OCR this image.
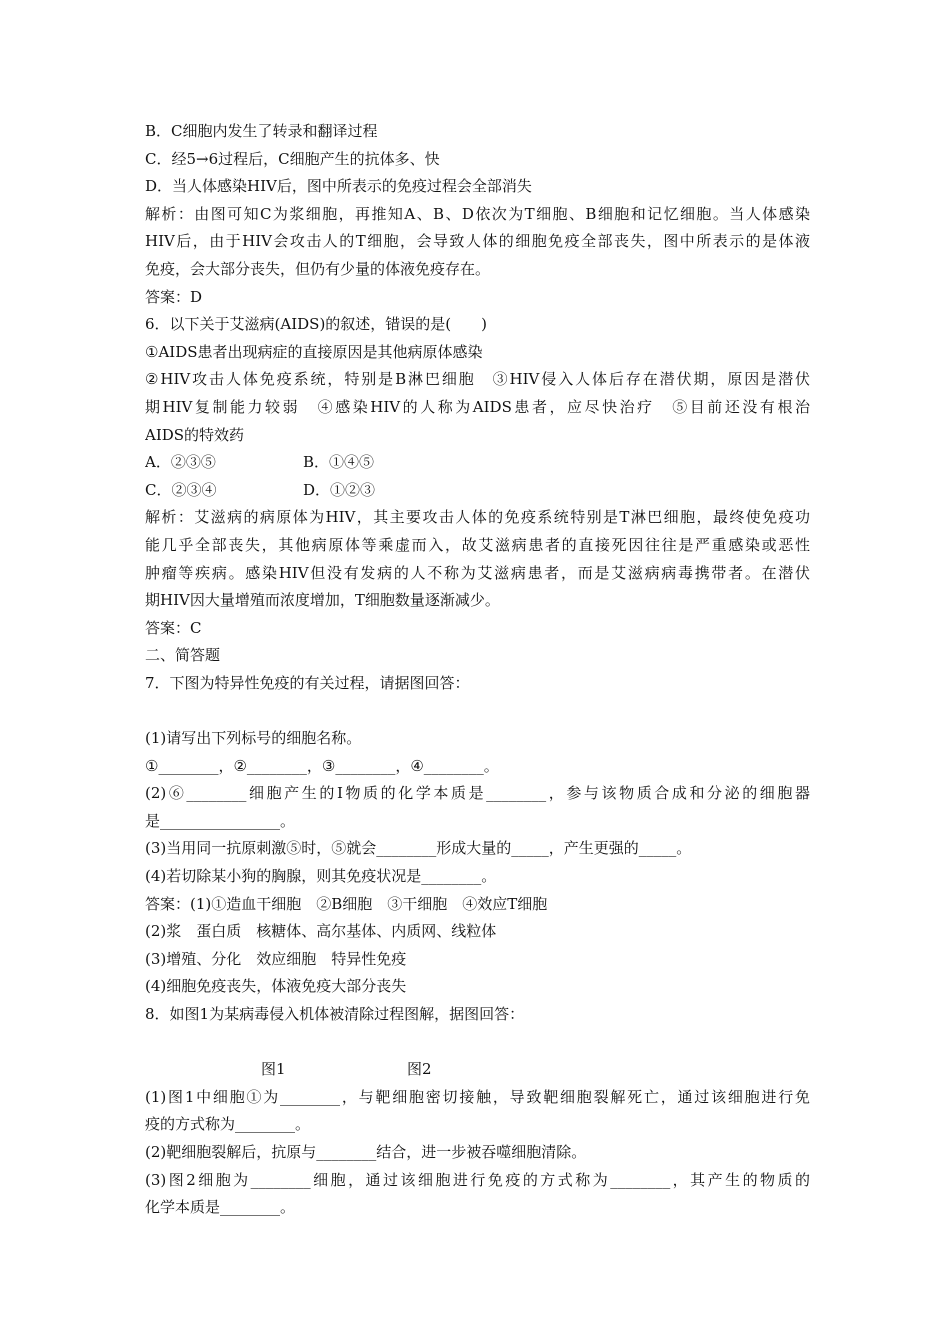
B．C细胞内发生了转录和翻译过程
C．经5→6过程后，C细胞产生的抗体多、快
D．当人体感染HIV后，图中所表示的免疫过程会全部消失
解析：由图可知C为浆细胞，再推知A、B、D依次为T细胞、B细胞和记忆细胞。当人体感染
HIV后，由于HIV会攻击人的T细胞，会导致人体的细胞免疫全部丧失，图中所表示的是体液
免疫，会大部分丧失，但仍有少量的体液免疫存在。
答案：D
6．以下关于艾滋病(AIDS)的叙述，错误的是(　　)
①AIDS患者出现病症的直接原因是其他病原体感染
②HIV攻击人体免疫系统，特别是B淋巴细胞　③HIV侵入人体后存在潜伏期，原因是潜伏
期HIV复制能力较弱　④感染HIV的人称为AIDS患者，应尽快治疗　⑤目前还没有根治
AIDS的特效药
A．②③⑤	B．①④⑤
C．②③④	D．①②③
解析：艾滋病的病原体为HIV，其主要攻击人体的免疫系统特别是T淋巴细胞，最终使免疫功
能几乎全部丧失，其他病原体等乘虚而入，故艾滋病患者的直接死因往往是严重感染或恶性
肿瘤等疾病。感染HIV但没有发病的人不称为艾滋病患者，而是艾滋病病毒携带者。在潜伏
期HIV因大量增殖而浓度增加，T细胞数量逐渐减少。
答案：C
二、简答题
7．下图为特异性免疫的有关过程，请据图回答：
(1)请写出下列标号的细胞名称。
①________，②________，③________，④________。
(2)⑥________细胞产生的Ⅰ物质的化学本质是________，参与该物质合成和分泌的细胞器
是________________。
(3)当用同一抗原刺激⑤时，⑤就会________形成大量的_____，产生更强的_____。
(4)若切除某小狗的胸腺，则其免疫状况是________。
答案：(1)①造血干细胞　②B细胞　③干细胞　④效应T细胞
(2)浆　蛋白质　核糖体、高尔基体、内质网、线粒体
(3)增殖、分化　效应细胞　特异性免疫
(4)细胞免疫丧失，体液免疫大部分丧失
8．如图1为某病毒侵入机体被清除过程图解，据图回答：
图1	图2
(1)图1中细胞①为________，与靶细胞密切接触，导致靶细胞裂解死亡，通过该细胞进行免
疫的方式称为________。
(2)靶细胞裂解后，抗原与________结合，进一步被吞噬细胞清除。
(3)图2细胞为________细胞，通过该细胞进行免疫的方式称为________，其产生的物质的
化学本质是________。
